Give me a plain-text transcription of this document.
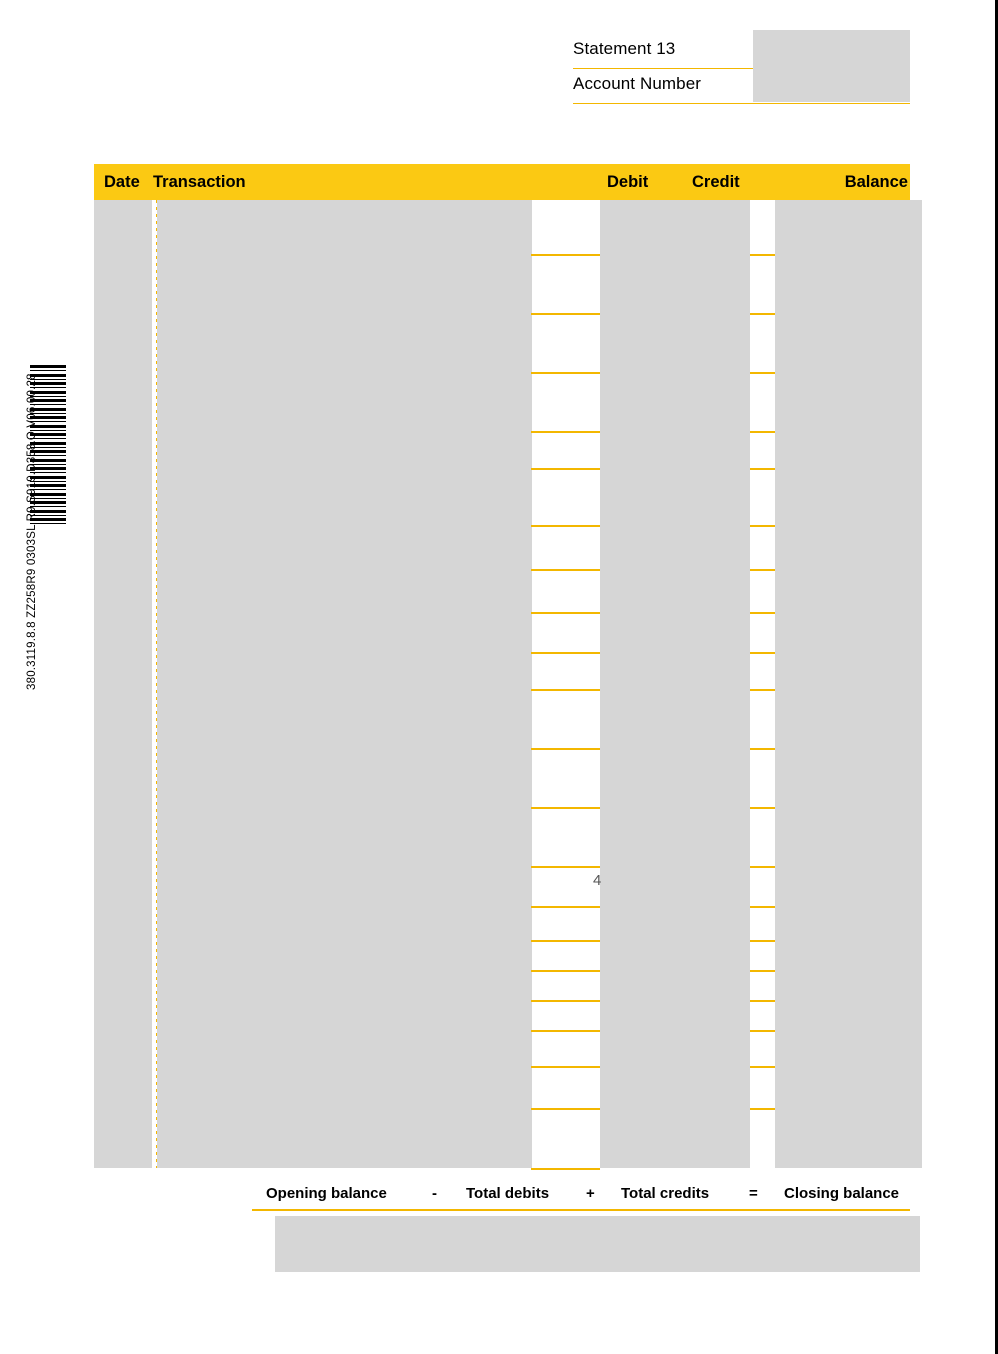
Statement 13
Account Number
380.3119.8.8 ZZ258R9 0303SL R9.S919.D358.O V06.00.28
Date Transaction	Debit	Credit	Balance
4
Opening balance	- Total debits + Total credits	= Closing balance
